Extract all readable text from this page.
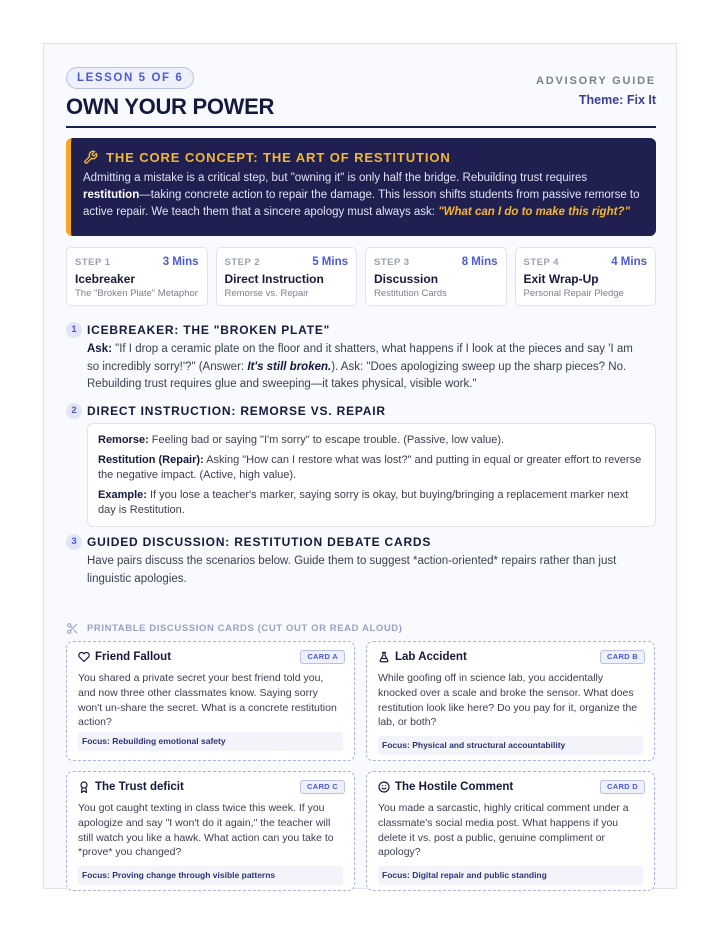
LESSON 5 OF 6
OWN YOUR POWER
ADVISORY GUIDE
Theme: Fix It
THE CORE CONCEPT: THE ART OF RESTITUTION
Admitting a mistake is a critical step, but "owning it" is only half the bridge. Rebuilding trust requires restitution—taking concrete action to repair the damage. This lesson shifts students from passive remorse to active repair. We teach them that a sincere apology must always ask: "What can I do to make this right?"
STEP 1	3 Mins
Icebreaker
The "Broken Plate" Metaphor
STEP 2	5 Mins
Direct Instruction
Remorse vs. Repair
STEP 3	8 Mins
Discussion
Restitution Cards
STEP 4	4 Mins
Exit Wrap-Up
Personal Repair Pledge
1 ICEBREAKER: THE "BROKEN PLATE"
Ask: "If I drop a ceramic plate on the floor and it shatters, what happens if I look at the pieces and say 'I am so incredibly sorry!'?" (Answer: It's still broken.). Ask: "Does apologizing sweep up the sharp pieces? No. Rebuilding trust requires glue and sweeping—it takes physical, visible work."
2 DIRECT INSTRUCTION: REMORSE VS. REPAIR

Remorse: Feeling bad or saying "I'm sorry" to escape trouble. (Passive, low value).

Restitution (Repair): Asking "How can I restore what was lost?" and putting in equal or greater effort to reverse the negative impact. (Active, high value).

Example: If you lose a teacher's marker, saying sorry is okay, but buying/bringing a replacement marker next day is Restitution.

3 GUIDED DISCUSSION: RESTITUTION DEBATE CARDS
Have pairs discuss the scenarios below. Guide them to suggest *action-oriented* repairs rather than just linguistic apologies.
PRINTABLE DISCUSSION CARDS (CUT OUT OR READ ALOUD)
Friend Fallout	CARD A
You shared a private secret your best friend told you, and now three other classmates know. Saying sorry won't un-share the secret. What is a concrete restitution action?
Focus: Rebuilding emotional safety
Lab Accident	CARD B
While goofing off in science lab, you accidentally knocked over a scale and broke the sensor. What does restitution look like here? Do you pay for it, organize the lab, or both?
Focus: Physical and structural accountability
The Trust deficit	CARD C
You got caught texting in class twice this week. If you apologize and say "I won't do it again," the teacher will still watch you like a hawk. What action can you take to *prove* you changed?
Focus: Proving change through visible patterns
The Hostile Comment	CARD D
You made a sarcastic, highly critical comment under a classmate's social media post. What happens if you delete it vs. post a public, genuine compliment or apology?
Focus: Digital repair and public standing
